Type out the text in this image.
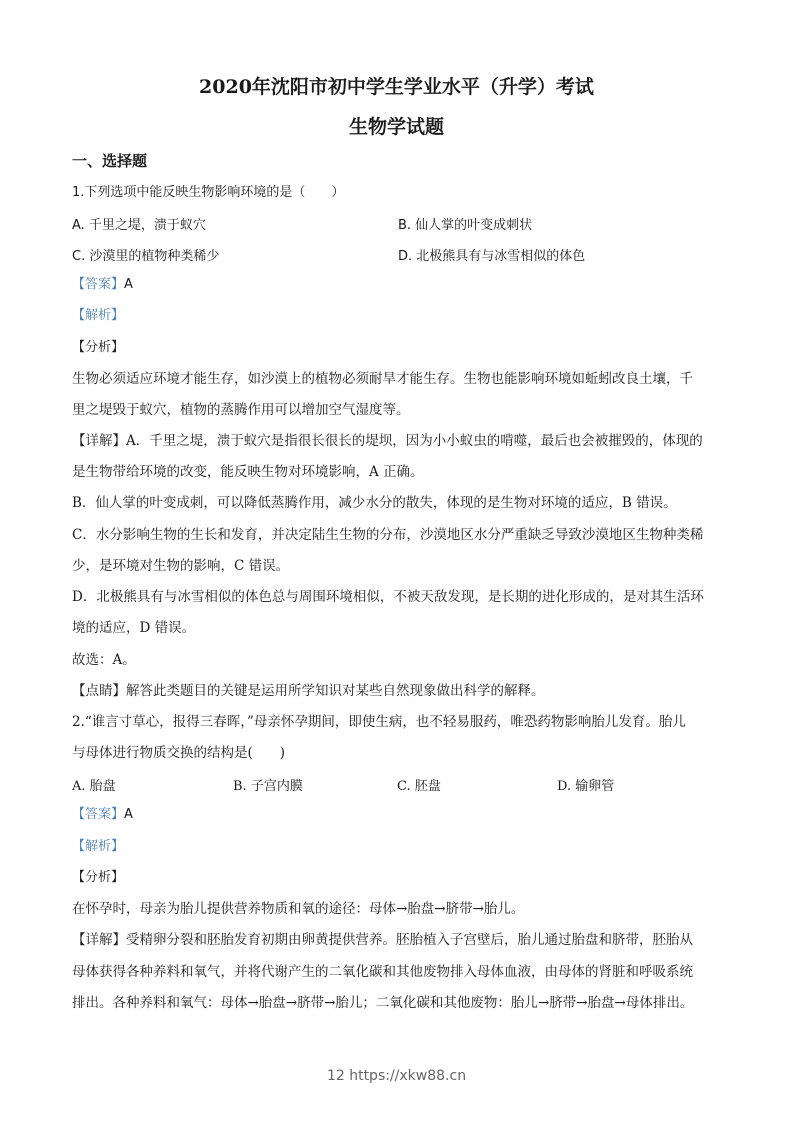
2020年沈阳市初中学生学业水平（升学）考试
生物学试题
一、选择题
1.下列选项中能反映生物影响环境的是（　　）
A. 千里之堤，溃于蚁穴	B. 仙人掌的叶变成刺状
C. 沙漠里的植物种类稀少	D. 北极熊具有与冰雪相似的体色
【答案】A
【解析】
【分析】
生物必须适应环境才能生存，如沙漠上的植物必须耐旱才能生存。生物也能影响环境如蚯蚓改良土壤，千
里之堤毁于蚁穴，植物的蒸腾作用可以增加空气湿度等。
【详解】A．千里之堤，溃于蚁穴是指很长很长的堤坝，因为小小蚁虫的啃噬，最后也会被摧毁的，体现的
是生物带给环境的改变，能反映生物对环境影响，A 正确。
B．仙人掌的叶变成刺，可以降低蒸腾作用，减少水分的散失，体现的是生物对环境的适应，B 错误。
C．水分影响生物的生长和发育，并决定陆生生物的分布，沙漠地区水分严重缺乏导致沙漠地区生物种类稀
少，是环境对生物的影响，C 错误。
D．北极熊具有与冰雪相似的体色总与周围环境相似，不被天敌发现，是长期的进化形成的，是对其生活环
境的适应，D 错误。
故选：A。
【点睛】解答此类题目的关键是运用所学知识对某些自然现象做出科学的解释。
2.“谁言寸草心，报得三春晖，”母亲怀孕期间，即使生病，也不轻易服药，唯恐药物影响胎儿发育。胎儿
与母体进行物质交换的结构是(　　)
A. 胎盘	B. 子宫内膜	C. 胚盘	D. 输卵管
【答案】A
【解析】
【分析】
在怀孕时，母亲为胎儿提供营养物质和氧的途径：母体→胎盘→脐带→胎儿。
【详解】受精卵分裂和胚胎发育初期由卵黄提供营养。胚胎植入子宫壁后，胎儿通过胎盘和脐带，胚胎从
母体获得各种养料和氧气，并将代谢产生的二氧化碳和其他废物排入母体血液，由母体的肾脏和呼吸系统
排出。各种养料和氧气：母体→胎盘→脐带→胎儿；二氧化碳和其他废物：胎儿→脐带→胎盘→母体排出。
12 https://xkw88.cn
